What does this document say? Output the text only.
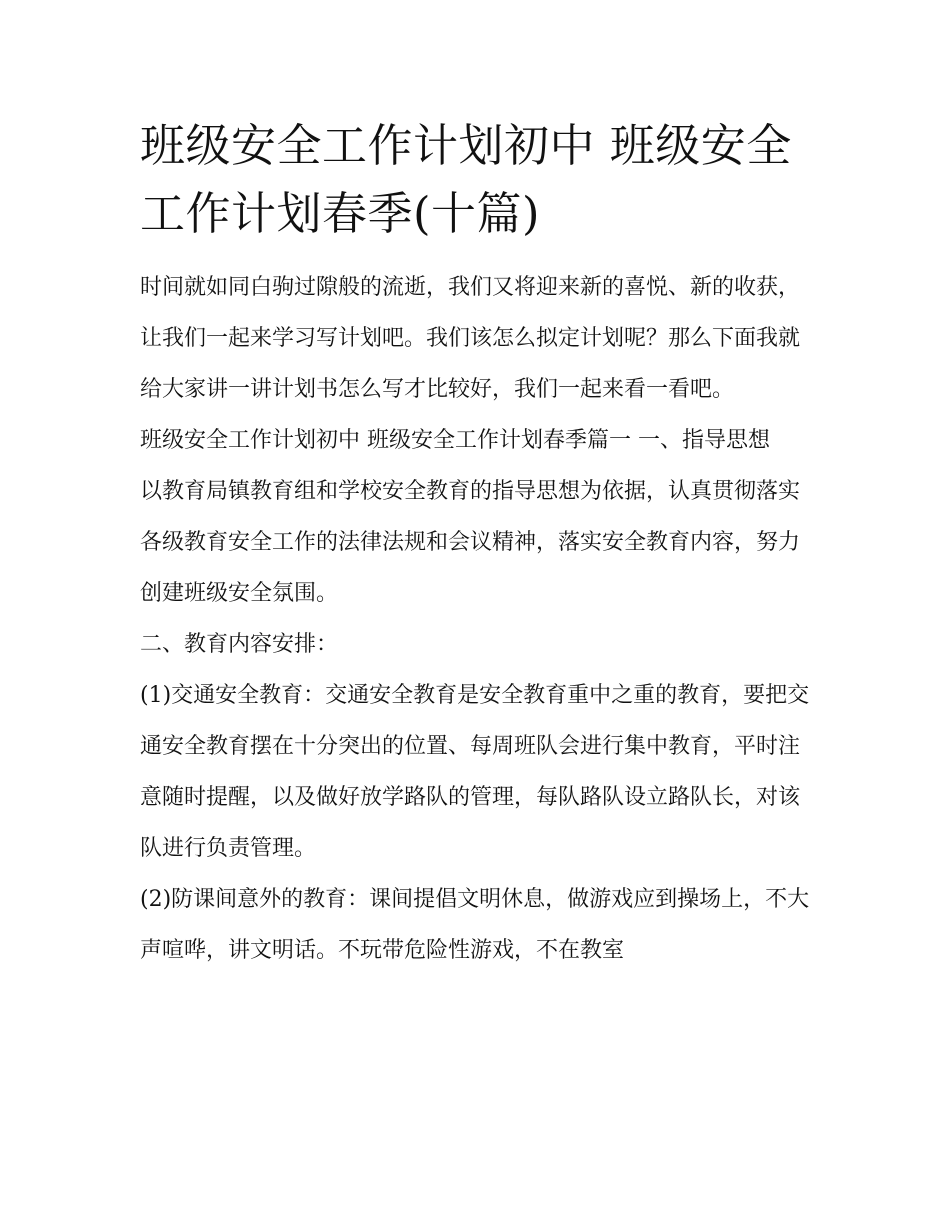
班级安全工作计划初中 班级安全工作计划春季(十篇)

时间就如同白驹过隙般的流逝，我们又将迎来新的喜悦、新的收获，让我们一起来学习写计划吧。我们该怎么拟定计划呢？那么下面我就给大家讲一讲计划书怎么写才比较好，我们一起来看一看吧。

班级安全工作计划初中 班级安全工作计划春季篇一 一、指导思想

以教育局镇教育组和学校安全教育的指导思想为依据，认真贯彻落实各级教育安全工作的法律法规和会议精神，落实安全教育内容，努力创建班级安全氛围。

二、教育内容安排：

(1)交通安全教育：交通安全教育是安全教育重中之重的教育，要把交通安全教育摆在十分突出的位置、每周班队会进行集中教育，平时注意随时提醒，以及做好放学路队的管理，每队路队设立路队长，对该队进行负责管理。

(2)防课间意外的教育：课间提倡文明休息，做游戏应到操场上，不大声喧哗，讲文明话。不玩带危险性游戏，不在教室
